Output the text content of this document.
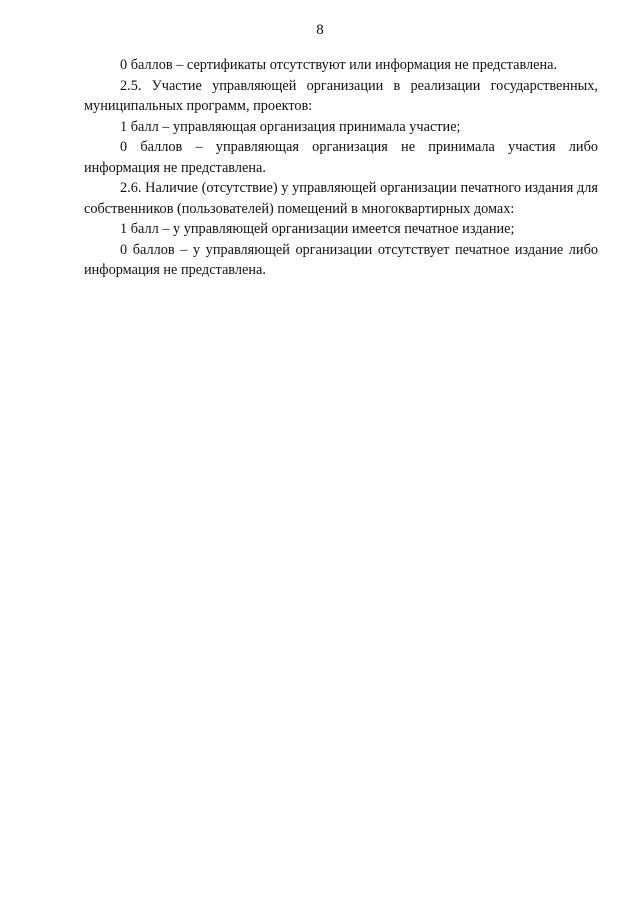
8

0 баллов – сертификаты отсутствуют или информация не представлена.

2.5. Участие управляющей организации в реализации государственных, муниципальных программ, проектов:

1 балл – управляющая организация принимала участие;

0 баллов – управляющая организация не принимала участия либо информация не представлена.

2.6. Наличие (отсутствие) у управляющей организации печатного издания для собственников (пользователей) помещений в многоквартирных домах:

1 балл – у управляющей организации имеется печатное издание;

0 баллов – у управляющей организации отсутствует печатное издание либо информация не представлена.
